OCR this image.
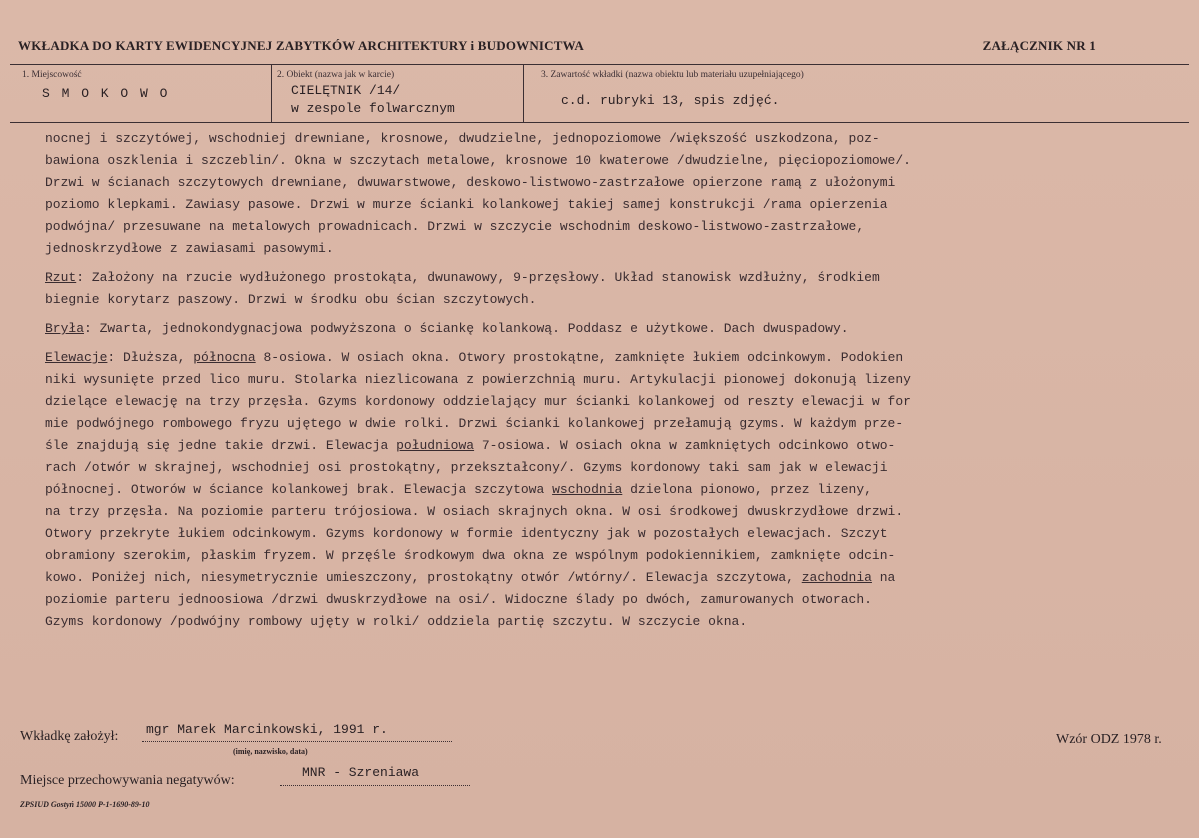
WKŁADKA DO KARTY EWIDENCYJNEJ ZABYTKÓW ARCHITEKTURY i BUDOWNICTWA	ZAŁĄCZNIK NR 1
1. Miejscowość
S M O K O W O
2. Obiekt (nazwa jak w karcie)
CIELĘTNIK /14/
w zespole folwarcznym
3. Zawartość wkładki (nazwa obiektu lub materiału uzupełniającego)
c.d. rubryki 13, spis zdjęć.

nocnej i szczytówej, wschodniej drewniane, krosnowe, dwudzielne, jednopoziomowe /większość uszkodzona, poz-
bawiona oszklenia i szczeblin/. Okna w szczytach metalowe, krosnowe 10 kwaterowe /dwudzielne, pięciopoziomowe/.
Drzwi w ścianach szczytowych drewniane, dwuwarstwowe, deskowo-listwowo-zastrzałowe opierzone ramą z ułożonymi
poziomo klepkami. Zawiasy pasowe. Drzwi w murze ścianki kolankowej takiej samej konstrukcji /rama opierzenia
podwójna/ przesuwane na metalowych prowadnicach. Drzwi w szczycie wschodnim deskowo-listwowo-zastrzałowe,
jednoskrzydłowe z zawiasami pasowymi.

Rzut: Założony na rzucie wydłużonego prostokąta, dwunawowy, 9-przęsłowy. Układ stanowisk wzdłużny, środkiem
biegnie korytarz paszowy. Drzwi w środku obu ścian szczytowych.

Bryła: Zwarta, jednokondygnacjowa podwyższona o ściankę kolankową. Poddasz e użytkowe. Dach dwuspadowy.

Elewacje: Dłuższa, północna 8-osiowa. W osiach okna. Otwory prostokątne, zamknięte łukiem odcinkowym. Podokien
niki wysunięte przed lico muru. Stolarka niezlicowana z powierzchnią muru. Artykulacji pionowej dokonują lizeny
dzielące elewację na trzy przęsła. Gzyms kordonowy oddzielający mur ścianki kolankowej od reszty elewacji w for
mie podwójnego rombowego fryzu ujętego w dwie rolki. Drzwi ścianki kolankowej przełamują gzyms. W każdym prze-
śle znajdują się jedne takie drzwi. Elewacja południowa 7-osiowa. W osiach okna w zamkniętych odcinkowo otwo-
rach /otwór w skrajnej, wschodniej osi prostokątny, przekształcony/. Gzyms kordonowy taki sam jak w elewacji
północnej. Otworów w ściance kolankowej brak. Elewacja szczytowa wschodnia dzielona pionowo, przez lizeny,
na trzy przęsła. Na poziomie parteru trójosiowa. W osiach skrajnych okna. W osi środkowej dwuskrzydłowe drzwi.
Otwory przekryte łukiem odcinkowym. Gzyms kordonowy w formie identyczny jak w pozostałych elewacjach. Szczyt
obramiony szerokim, płaskim fryzem. W przęśle środkowym dwa okna ze wspólnym podokiennikiem, zamknięte odcin-
kowo. Poniżej nich, niesymetrycznie umieszczony, prostokątny otwór /wtórny/. Elewacja szczytowa, zachodnia na
poziomie parteru jednoosiowa /drzwi dwuskrzydłowe na osi/. Widoczne ślady po dwóch, zamurowanych otworach.
Gzyms kordonowy /podwójny rombowy ujęty w rolki/ oddziela partię szczytu. W szczycie okna.

Wkładkę założył: mgr Marek Marcinkowski, 1991 r.
(imię, nazwisko, data)
Wzór ODZ 1978 r.
Miejsce przechowywania negatywów:
MNR - Szreniawa
ZPSIUD Gostyń 15000 P-1-1690-89-10
